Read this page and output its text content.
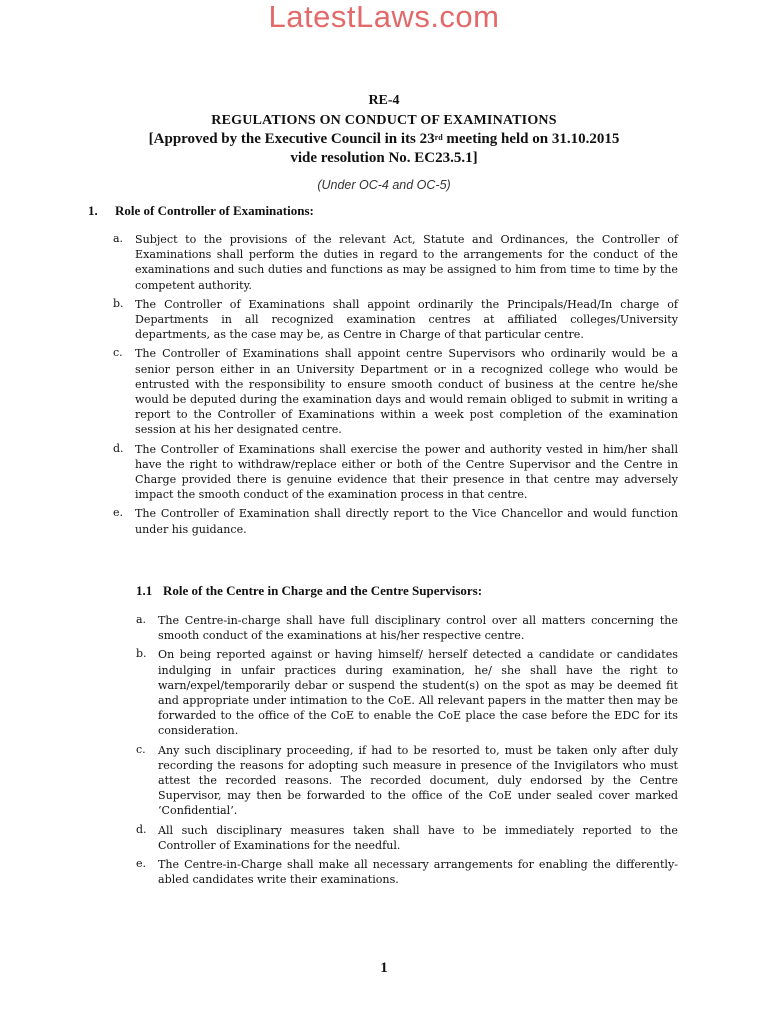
LatestLaws.com
RE-4
REGULATIONS ON CONDUCT OF EXAMINATIONS
[Approved by the Executive Council in its 23rd meeting held on 31.10.2015
vide resolution No. EC23.5.1]
(Under OC-4 and OC-5)
1. Role of Controller of Examinations:
a. Subject to the provisions of the relevant Act, Statute and Ordinances, the Controller of Examinations shall perform the duties in regard to the arrangements for the conduct of the examinations and such duties and functions as may be assigned to him from time to time by the competent authority.
b. The Controller of Examinations shall appoint ordinarily the Principals/Head/In charge of Departments in all recognized examination centres at affiliated colleges/University departments, as the case may be, as Centre in Charge of that particular centre.
c. The Controller of Examinations shall appoint centre Supervisors who ordinarily would be a senior person either in an University Department or in a recognized college who would be entrusted with the responsibility to ensure smooth conduct of business at the centre he/she would be deputed during the examination days and would remain obliged to submit in writing a report to the Controller of Examinations within a week post completion of the examination session at his her designated centre.
d. The Controller of Examinations shall exercise the power and authority vested in him/her shall have the right to withdraw/replace either or both of the Centre Supervisor and the Centre in Charge provided there is genuine evidence that their presence in that centre may adversely impact the smooth conduct of the examination process in that centre.
e. The Controller of Examination shall directly report to the Vice Chancellor and would function under his guidance.
1.1 Role of the Centre in Charge and the Centre Supervisors:
a. The Centre-in-charge shall have full disciplinary control over all matters concerning the smooth conduct of the examinations at his/her respective centre.
b. On being reported against or having himself/ herself detected a candidate or candidates indulging in unfair practices during examination, he/ she shall have the right to warn/expel/temporarily debar or suspend the student(s) on the spot as may be deemed fit and appropriate under intimation to the CoE. All relevant papers in the matter then may be forwarded to the office of the CoE to enable the CoE place the case before the EDC for its consideration.
c. Any such disciplinary proceeding, if had to be resorted to, must be taken only after duly recording the reasons for adopting such measure in presence of the Invigilators who must attest the recorded reasons. The recorded document, duly endorsed by the Centre Supervisor, may then be forwarded to the office of the CoE under sealed cover marked ‘Confidential’.
d. All such disciplinary measures taken shall have to be immediately reported to the Controller of Examinations for the needful.
e. The Centre-in-Charge shall make all necessary arrangements for enabling the differently-abled candidates write their examinations.
1
